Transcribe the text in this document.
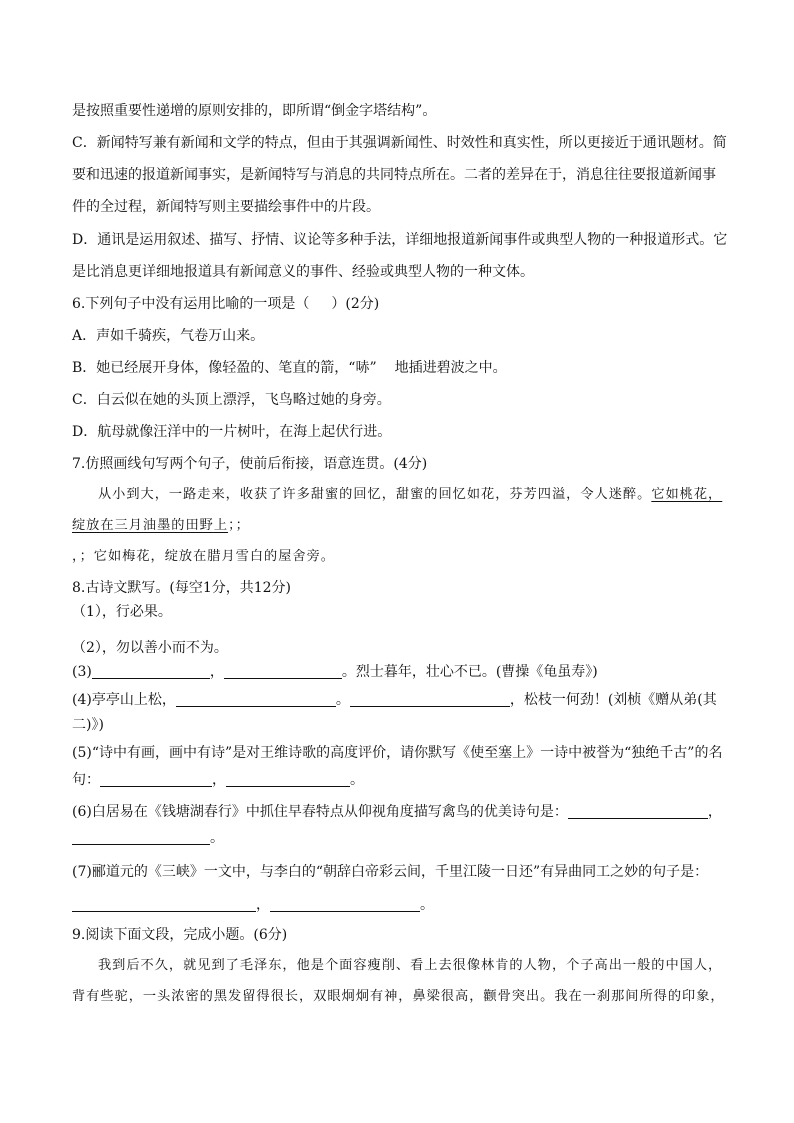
是按照重要性递增的原则安排的，即所谓“倒金字塔结构”。
C．新闻特写兼有新闻和文学的特点，但由于其强调新闻性、时效性和真实性，所以更接近于通讯题材。简
要和迅速的报道新闻事实，是新闻特写与消息的共同特点所在。二者的差异在于，消息往往要报道新闻事
件的全过程，新闻特写则主要描绘事件中的片段。
D．通讯是运用叙述、描写、抒情、议论等多种手法，详细地报道新闻事件或典型人物的一种报道形式。它
是比消息更详细地报道具有新闻意义的事件、经验或典型人物的一种文体。
6.下列句子中没有运用比喻的一项是（ ）(2分)
A．声如千骑疾，气卷万山来。
B．她已经展开身体，像轻盈的、笔直的箭，“哧” 地插进碧波之中。
C．白云似在她的头顶上漂浮，飞鸟略过她的身旁。
D．航母就像汪洋中的一片树叶，在海上起伏行进。
7.仿照画线句写两个句子，使前后衔接，语意连贯。(4分)
从小到大，一路走来，收获了许多甜蜜的回忆，甜蜜的回忆如花，芬芳四溢，令人迷醉。它如桃花，
绽放在三月油墨的田野上；；
，；它如梅花，绽放在腊月雪白的屋舍旁。
8.古诗文默写。(每空1分，共12分)
（1），行必果。
（2），勿以善小而不为。
(3)	，	。烈士暮年，壮心不已。(曹操《龟虽寿》)
(4)亭亭山上松，	。	，松枝一何劲！(刘桢《赠从弟(其
二)》)
(5)“诗中有画，画中有诗”是对王维诗歌的高度评价，请你默写《使至塞上》一诗中被誉为“独绝千古”的名
句：	，	。
(6)白居易在《钱塘湖春行》中抓住早春特点从仰视角度描写禽鸟的优美诗句是：	，
。
(7)郦道元的《三峡》一文中，与李白的“朝辞白帝彩云间，千里江陵一日还”有异曲同工之妙的句子是：
，	。
9.阅读下面文段，完成小题。(6分)
我到后不久，就见到了毛泽东，他是个面容瘦削、看上去很像林肯的人物，个子高出一般的中国人，
背有些驼，一头浓密的黑发留得很长，双眼炯炯有神，鼻梁很高，颧骨突出。我在一刹那间所得的印象，
